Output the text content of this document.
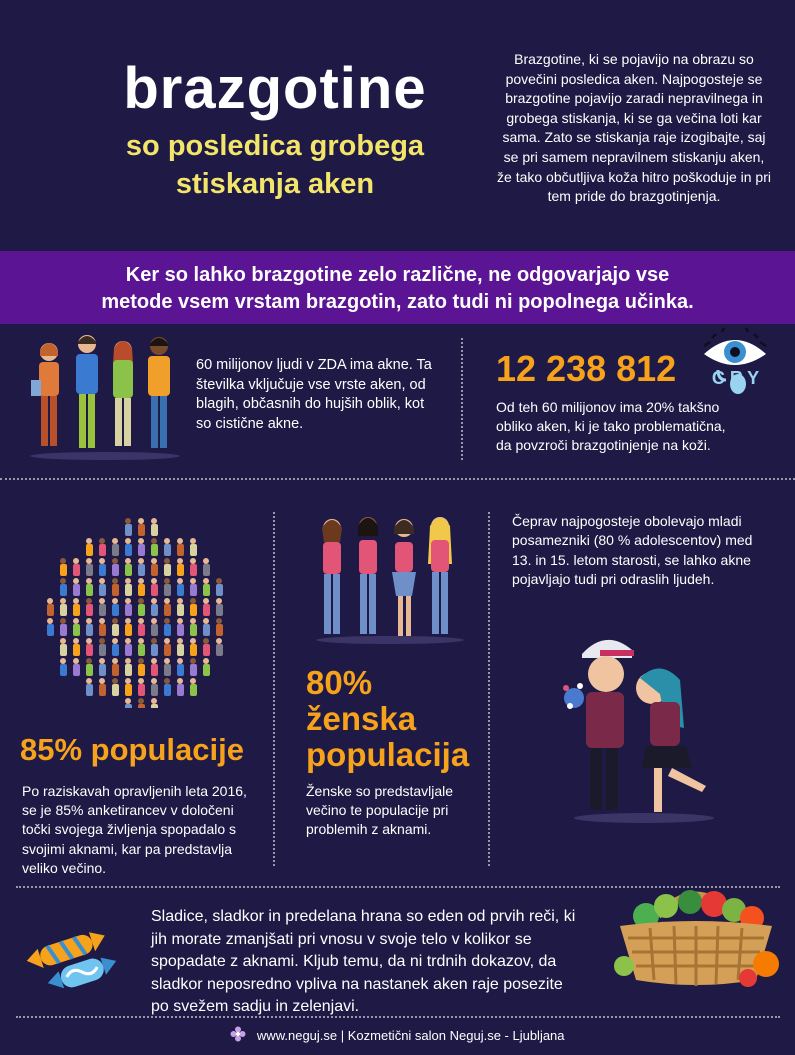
brazgotine
so posledica grobega
stiskanja aken
Brazgotine, ki se pojavijo na obrazu so povečini posledica aken. Najpogosteje se brazgotine pojavijo zaradi nepravilnega in grobega stiskanja, ki se ga večina loti kar sama. Zato se stiskanja raje izogibajte, saj se pri samem nepravilnem stiskanju aken, že tako občutljiva koža hitro poškoduje in pri tem pride do brazgotinjenja.
Ker so lahko brazgotine zelo različne, ne odgovarjajo vse
metode vsem vrstam brazgotin, zato tudi ni popolnega učinka.
60 milijonov ljudi v ZDA ima akne. Ta številka vključuje vse vrste aken, od blagih, občasnih do hujših oblik, kot so cistične akne.
12 238 812
Od teh 60 milijonov ima 20% takšno obliko aken, ki je tako problematična, da povzroči brazgotinjenje na koži.
CRY
85% populacije
Po raziskavah opravljenih leta 2016, se je 85% anketirancev v določeni točki svojega življenja spopadalo s svojimi aknami, kar pa predstavlja veliko večino.
80%
ženska
populacija
Ženske so predstavljale večino te populacije pri problemih z aknami.
Čeprav najpogosteje obolevajo mladi posamezniki (80 % adolescentov) med 13. in 15. letom starosti, se lahko akne pojavljajo tudi pri odraslih ljudeh.
Sladice, sladkor in predelana hrana so eden od prvih reči, ki jih morate zmanjšati pri vnosu v svoje telo v kolikor se spopadate z aknami. Kljub temu, da ni trdnih dokazov, da sladkor neposredno vpliva na nastanek aken raje posezite po svežem sadju in zelenjavi.
www.neguj.se | Kozmetični salon Neguj.se - Ljubljana
